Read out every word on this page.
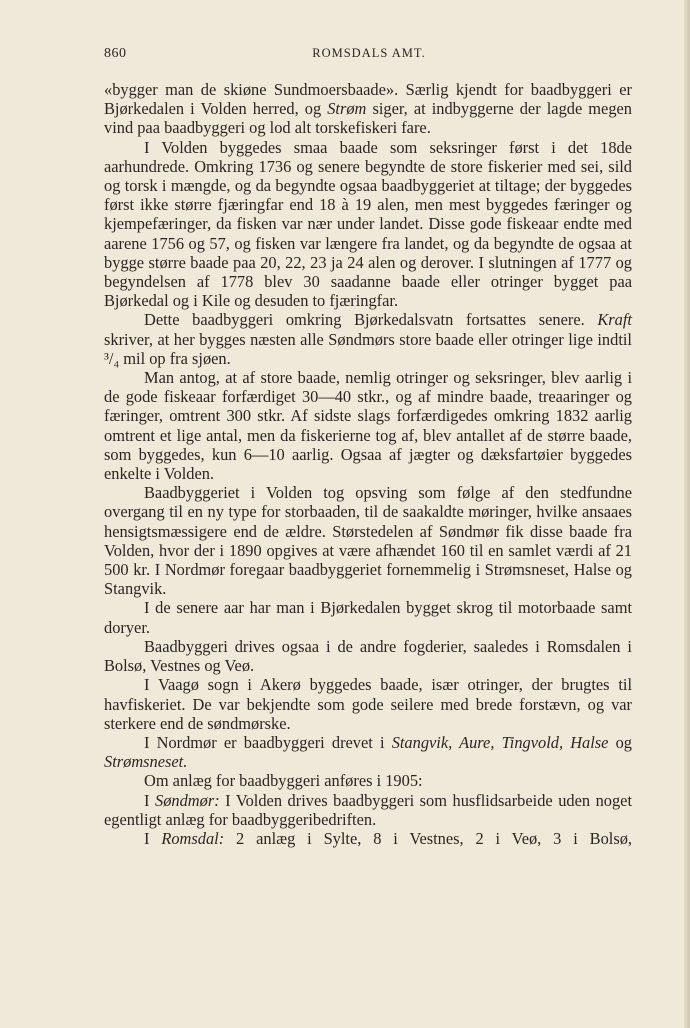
860	ROMSDALS AMT.

«bygger man de skiøne Sundmoersbaade». Særlig kjendt for baadbyggeri er Bjørkedalen i Volden herred, og Strøm siger, at indbyggerne der lagde megen vind paa baadbyggeri og lod alt torskefiskeri fare.

I Volden byggedes smaa baade som seksringer først i det 18de aarhundrede. Omkring 1736 og senere begyndte de store fiskerier med sei, sild og torsk i mængde, og da begyndte ogsaa baadbyggeriet at tiltage; der byggedes først ikke større fjæringfar end 18 à 19 alen, men mest byggedes færinger og kjempefæringer, da fisken var nær under landet. Disse gode fiskeaar endte med aarene 1756 og 57, og fisken var længere fra landet, og da begyndte de ogsaa at bygge større baade paa 20, 22, 23 ja 24 alen og derover. I slutningen af 1777 og begyndelsen af 1778 blev 30 saadanne baade eller otringer bygget paa Bjørkedal og i Kile og desuden to fjæringfar.

Dette baadbyggeri omkring Bjørkedalsvatn fortsattes senere. Kraft skriver, at her bygges næsten alle Søndmørs store baade eller otringer lige indtil ³/₄ mil op fra sjøen.

Man antog, at af store baade, nemlig otringer og seksringer, blev aarlig i de gode fiskeaar forfærdiget 30—40 stkr., og af mindre baade, treaaringer og færinger, omtrent 300 stkr. Af sidste slags forfærdigedes omkring 1832 aarlig omtrent et lige antal, men da fiskerierne tog af, blev antallet af de større baade, som byggedes, kun 6—10 aarlig. Ogsaa af jægter og dæksfartøier byggedes enkelte i Volden.

Baadbyggeriet i Volden tog opsving som følge af den stedfundne overgang til en ny type for storbaaden, til de saakaldte møringer, hvilke ansaaes hensigtsmæssigere end de ældre. Størstedelen af Søndmør fik disse baade fra Volden, hvor der i 1890 opgives at være afhændet 160 til en samlet værdi af 21 500 kr. I Nordmør foregaar baadbyggeriet fornemmelig i Strømsneset, Halse og Stangvik.

I de senere aar har man i Bjørkedalen bygget skrog til motorbaade samt doryer.

Baadbyggeri drives ogsaa i de andre fogderier, saaledes i Romsdalen i Bolsø, Vestnes og Veø.

I Vaagø sogn i Akerø byggedes baade, især otringer, der brugtes til havfiskeriet. De var bekjendte som gode seilere med brede forstævn, og var sterkere end de søndmørske.

I Nordmør er baadbyggeri drevet i Stangvik, Aure, Tingvold, Halse og Strømsneset.

Om anlæg for baadbyggeri anføres i 1905:

I Søndmør: I Volden drives baadbyggeri som husflidsarbeide uden noget egentligt anlæg for baadbyggeribedriften.

I Romsdal: 2 anlæg i Sylte, 8 i Vestnes, 2 i Veø, 3 i Bolsø,
